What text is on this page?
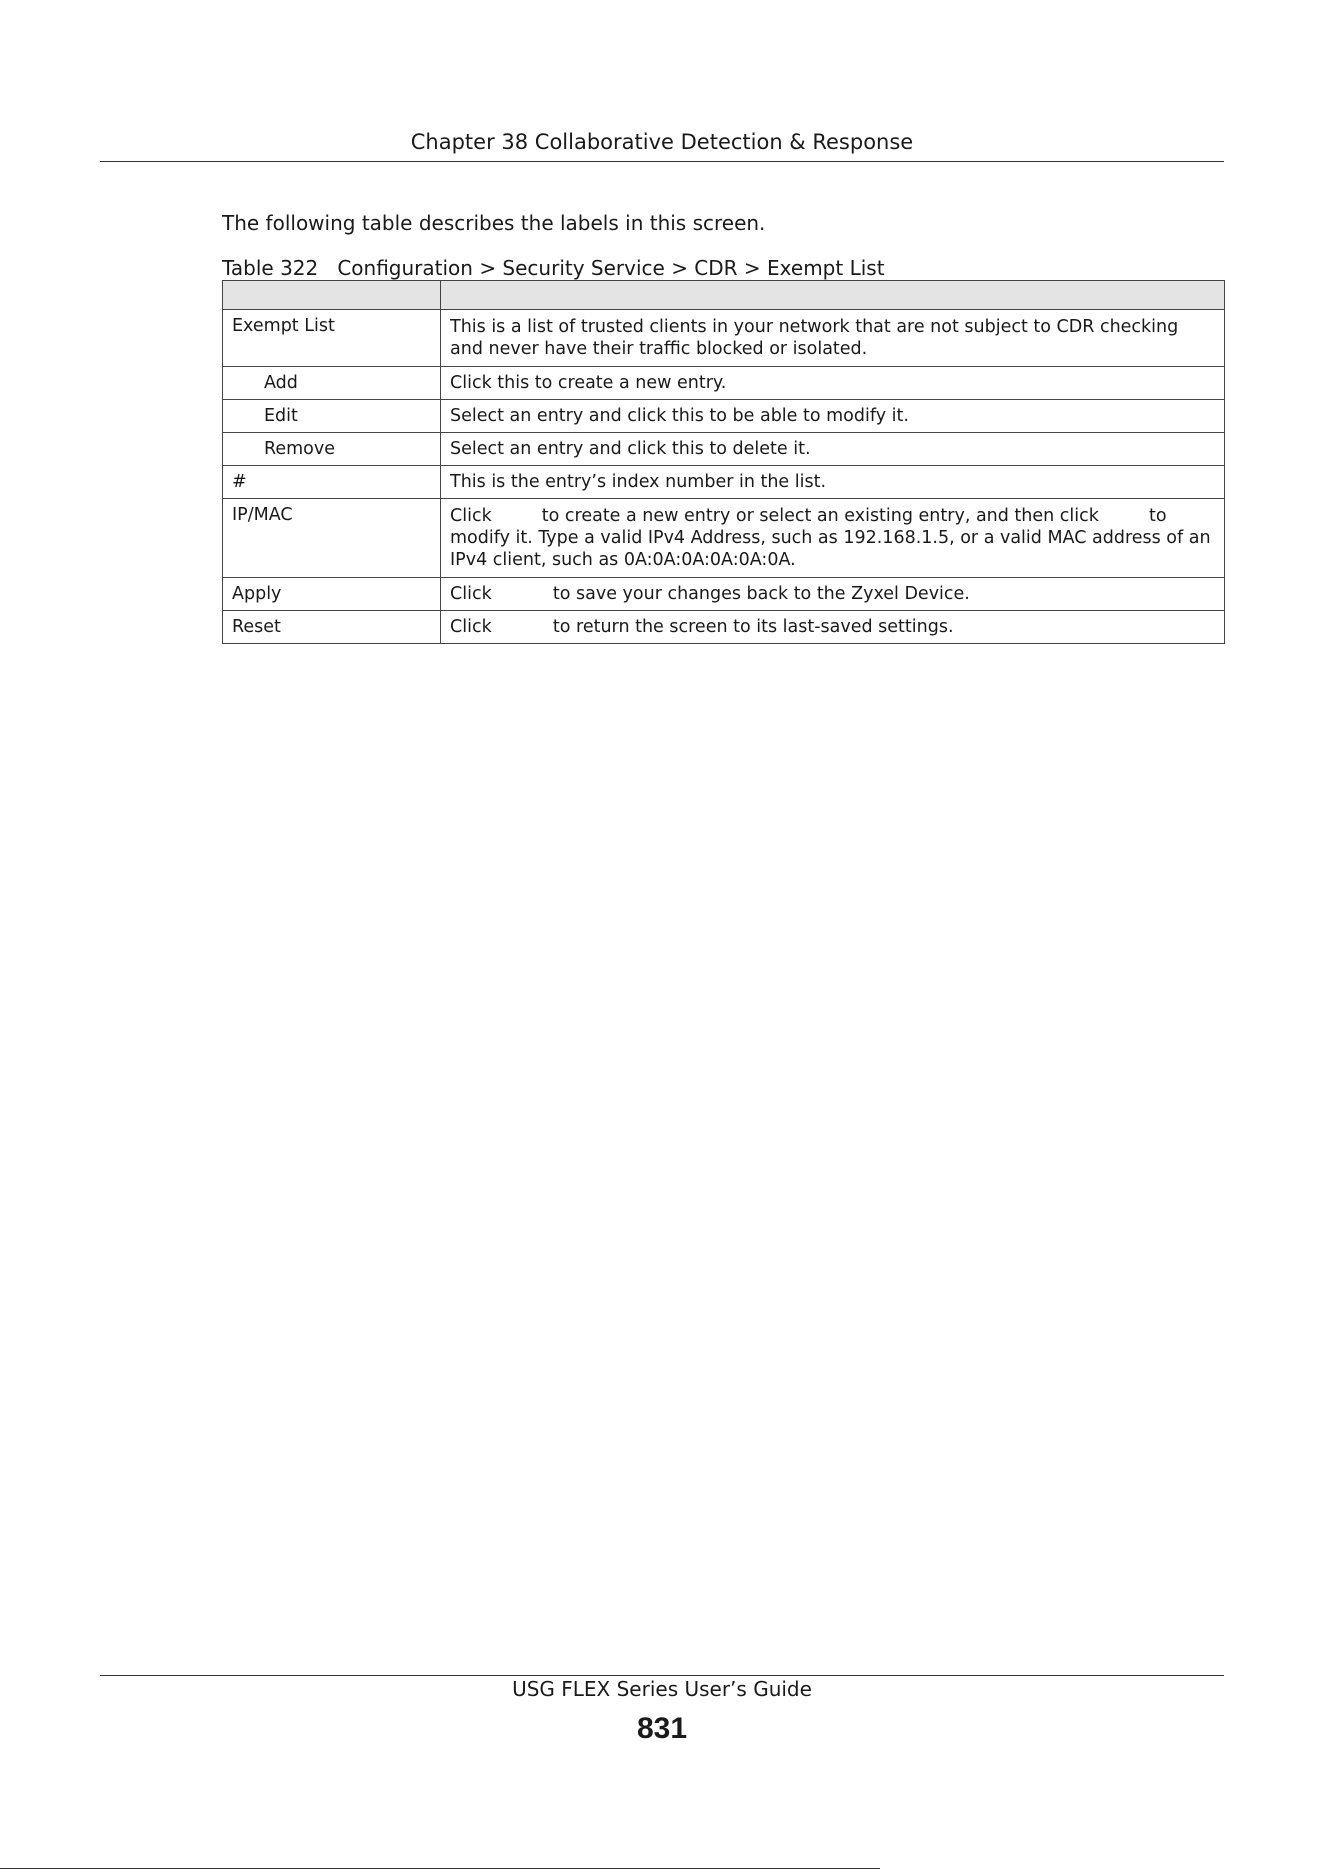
Chapter 38 Collaborative Detection & Response
The following table describes the labels in this screen.
Table 322   Configuration > Security Service > CDR > Exempt List

Exempt List	This is a list of trusted clients in your network that are not subject to CDR checking and never have their traffic blocked or isolated.
Add	Click this to create a new entry.
Edit	Select an entry and click this to be able to modify it.
Remove	Select an entry and click this to delete it.
#	This is the entry’s index number in the list.
IP/MAC	Click         to create a new entry or select an existing entry, and then click         to modify it. Type a valid IPv4 Address, such as 192.168.1.5, or a valid MAC address of an IPv4 client, such as 0A:0A:0A:0A:0A:0A.
Apply	Click           to save your changes back to the Zyxel Device.
Reset	Click           to return the screen to its last-saved settings.
USG FLEX Series User’s Guide
831
